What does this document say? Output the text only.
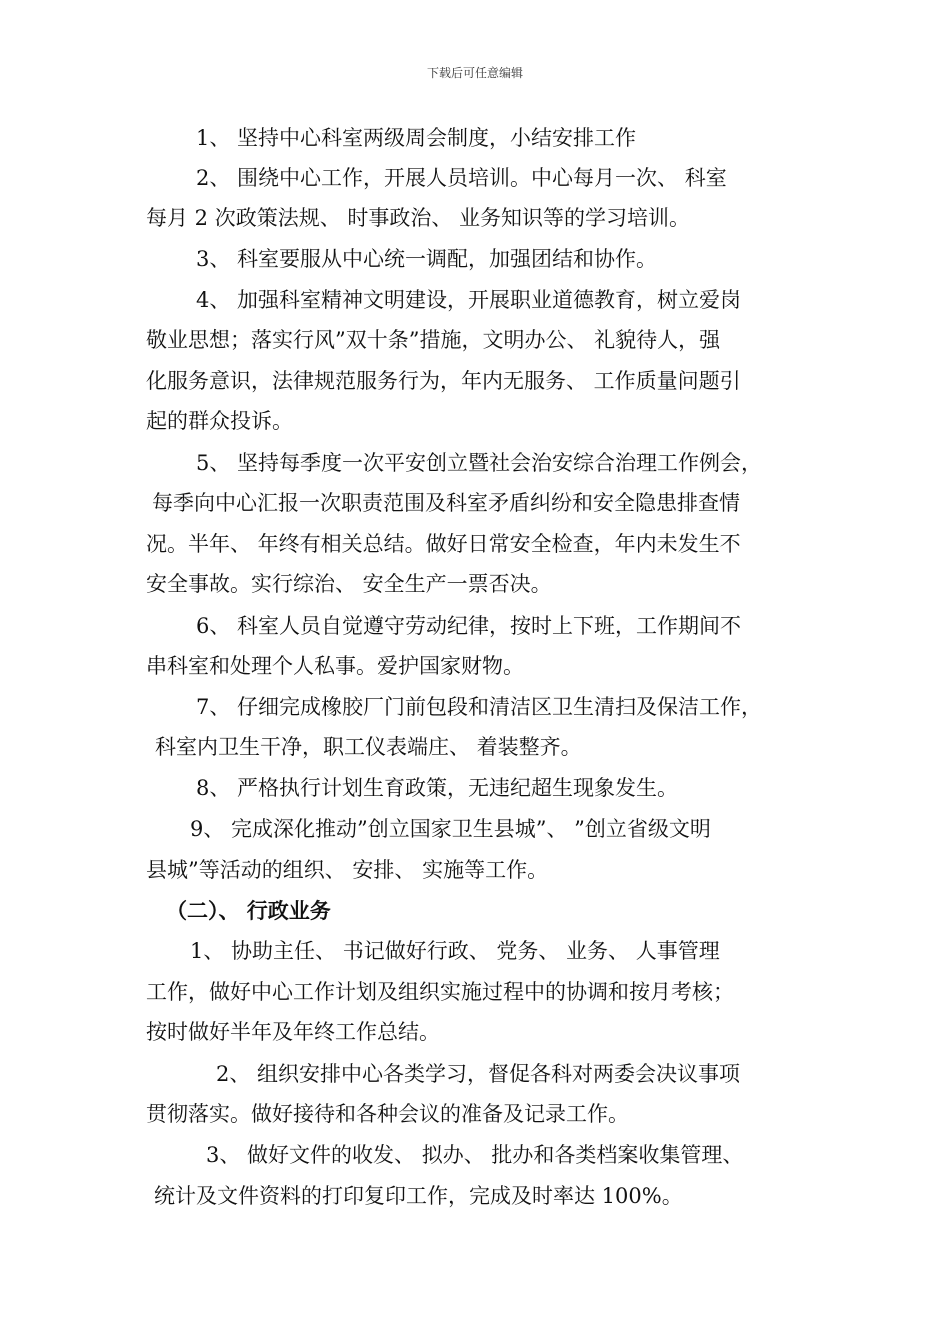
下载后可任意编辑
1、 坚持中心科室两级周会制度，小结安排工作
2、 围绕中心工作，开展人员培训。中心每月一次、 科室
每月 2 次政策法规、 时事政治、 业务知识等的学习培训。
3、 科室要服从中心统一调配，加强团结和协作。
4、 加强科室精神文明建设，开展职业道德教育，树立爱岗
敬业思想；落实行风”双十条”措施，文明办公、 礼貌待人，强
化服务意识，法律规范服务行为，年内无服务、 工作质量问题引
起的群众投诉。
5、 坚持每季度一次平安创立暨社会治安综合治理工作例会，
每季向中心汇报一次职责范围及科室矛盾纠纷和安全隐患排查情
况。半年、 年终有相关总结。做好日常安全检查，年内未发生不
安全事故。实行综治、 安全生产一票否决。
6、 科室人员自觉遵守劳动纪律，按时上下班，工作期间不
串科室和处理个人私事。爱护国家财物。
7、 仔细完成橡胶厂门前包段和清洁区卫生清扫及保洁工作，
科室内卫生干净，职工仪表端庄、 着装整齐。
8、 严格执行计划生育政策，无违纪超生现象发生。
9、 完成深化推动”创立国家卫生县城”、 ”创立省级文明
县城”等活动的组织、 安排、 实施等工作。
（二）、 行政业务
1、 协助主任、 书记做好行政、 党务、 业务、 人事管理
工作，做好中心工作计划及组织实施过程中的协调和按月考核；
按时做好半年及年终工作总结。
2、 组织安排中心各类学习，督促各科对两委会决议事项
贯彻落实。做好接待和各种会议的准备及记录工作。
3、 做好文件的收发、 拟办、 批办和各类档案收集管理、
统计及文件资料的打印复印工作，完成及时率达 100%。
